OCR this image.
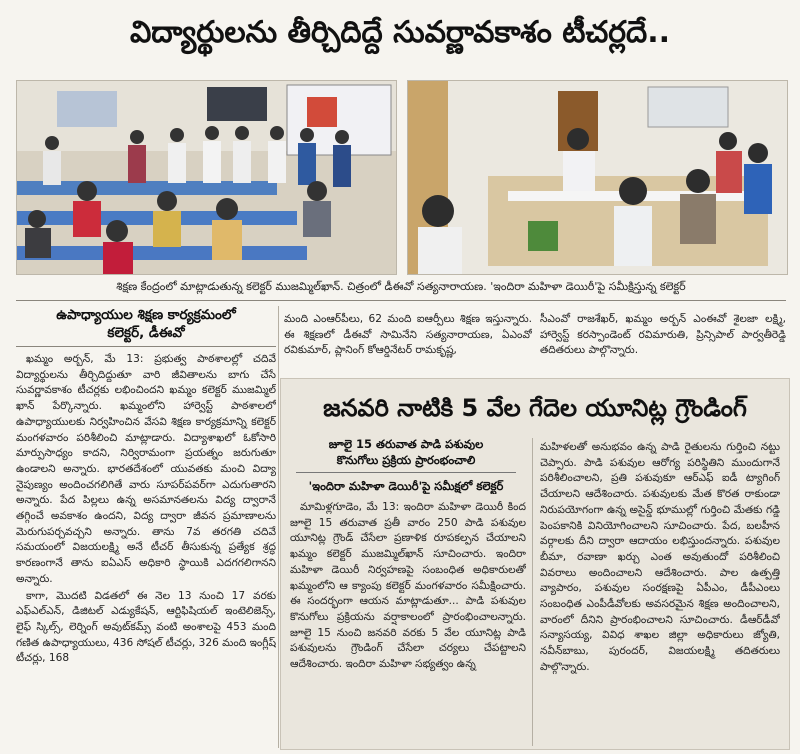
విద్యార్థులను తీర్చిదిద్దే సువర్ణావకాశం టీచర్లదే..
శిక్షణ కేంద్రంలో మాట్లాడుతున్న కలెక్టర్ ముజమ్మిల్‌ఖాన్. చిత్రంలో డీఈవో సత్యనారాయణ. 'ఇందిరా మహిళా డెయిరీ'పై సమీక్షిస్తున్న కలెక్టర్
ఉపాధ్యాయుల శిక్షణ కార్యక్రమంలో
కలెక్టర్, డీఈవో

ఖమ్మం అర్బన్, మే 13: ప్రభుత్వ పాఠశాలల్లో చదివే విద్యార్థులను తీర్చిదిద్దుతూ వారి జీవితాలను బాగు చేసే సువర్ణావకాశం టీచర్లకు లభించిందని ఖమ్మం కలెక్టర్ ముజమ్మిల్ ఖాన్ పేర్కొన్నారు. ఖమ్మంలోని హార్వెస్ట్ పాఠశాలలో ఉపాధ్యాయులకు నిర్వహించిన వేసవి శిక్షణ కార్యక్రమాన్ని కలెక్టర్ మంగళవారం పరిశీలించి మాట్లాడారు. విద్యాశాఖలో ఓకోసారి మార్పుసాధ్యం కాదని, నిర్విరామంగా ప్రయత్నం జరుగుతూ ఉండాలని అన్నారు. భారతదేశంలో యువతకు మంచి విద్యా నైపుణ్యం అందించగలిగితే వారు సూపర్‌పవర్‌గా ఎదుగుతారని అన్నారు. పేద పిల్లలు ఉన్న అసమానతలను విద్య ద్వారానే తగ్గించే అవకాశం ఉందని, విద్య ద్వారా జీవన ప్రమాణాలను మెరుగుపర్చవచ్చని అన్నారు. తాను 7వ తరగతి చదివే సమయంలో విజయలక్ష్మి అనే టీచర్ తీసుకున్న ప్రత్యేక శ్రద్ధ కారణంగానే తాను ఐఏఎస్ అధికారి స్థాయికి ఎదగగలిగానని అన్నారు.

కాగా, మొదటి విడతలో ఈ నెల 13 నుంచి 17 వరకు ఎఫ్ఎల్ఎన్, డిజిటల్ ఎడ్యుకేషన్, ఆర్టిఫిషియల్ ఇంటెలిజెన్స్, లైఫ్ స్కిల్స్, లెర్నింగ్ అవుట్‌కమ్స్ వంటి అంశాలపై 453 మంది గణిత ఉపాధ్యాయులు, 436 సోషల్ టీచర్లు, 326 మంది ఇంగ్లీష్ టీచర్లు, 168

మంది ఎంఆర్‌పీలు, 62 మంది ఐఆర్పీలు శిక్షణ ఇస్తున్నారు. ఈ శిక్షణలో డీఈవో సామినేని సత్యనారాయణ, ఏఎంవో రవికుమార్, ప్లానింగ్ కోఆర్డినేటర్ రామకృష్ణ,

సీఎంవో రాజశేఖర్, ఖమ్మం అర్బన్ ఎంఈవో శైలజా లక్ష్మి, హార్వెస్ట్ కరస్పాండెంట్ రవిమారుతి, ప్రిన్సిపాల్ పార్వతీరెడ్డి తదితరులు పాల్గొన్నారు.

జనవరి నాటికి 5 వేల గేదెల యూనిట్ల గ్రౌండింగ్
జూలై 15 తరువాత పాడి పశువుల
కొనుగోలు ప్రక్రియ ప్రారంభంచాలి
'ఇందిరా మహిళా డెయిరీ'పై సమీక్షలో కలెక్టర్

మామిళ్లగూడెం, మే 13: ఇందిరా మహిళా డెయిరీ కింద జూలై 15 తరువాత ప్రతీ వారం 250 పాడి పశువుల యూనిట్ల గ్రౌండ్ చేసేలా ప్రణాళిక రూపకల్పన చేయాలని ఖమ్మం కలెక్టర్ ముజమ్మిల్‌ఖాన్ సూచించారు. ఇందిరా మహిళా డెయిరీ నిర్వహణపై సంబంధిత అధికారులతో ఖమ్మంలోని ఆ క్యాంపు కలెక్టర్ మంగళవారం సమీక్షించారు. ఈ సందర్భంగా ఆయన మాట్లాడుతూ... పాడి పశువుల కొనుగోలు ప్రక్రియను వర్షాకాలంలో ప్రారంభించాలన్నారు. జూలై 15 నుంచి జనవరి వరకు 5 వేల యూనిట్ల పాడి పశువులను గ్రౌండింగ్ చేసేలా చర్యలు చేపట్టాలని ఆదేశించారు. ఇందిరా మహిళా సభ్యత్వం ఉన్న

మహిళలతో అనుభవం ఉన్న పాడి రైతులను గుర్తించి నట్టు చెప్పారు. పాడి పశువుల ఆరోగ్య పరిస్థితిని ముందుగానే పరిశీలించాలని, ప్రతి పశువుకూ ఆర్‌ఎఫ్ ఐడీ ట్యాగింగ్ చేయాలని ఆదేశించారు. పశువులకు మేత కొరత రాకుండా నిరుపయోగంగా ఉన్న అసైన్డ్ భూముల్లో గుర్తించి మేతకు గడ్డి పెంపకానికి వినియోగించాలని సూచించారు. పేద, బలహీన వర్గాలకు దీని ద్వారా ఆదాయం లభిస్తుందన్నారు. పశువుల బీమా, రవాణా ఖర్చు ఎంత అవుతుందో పరిశీలించి వివరాలు అందించాలని ఆదేశించారు. పాల ఉత్పత్తి వ్యాపారం, పశువుల సంరక్షణపై ఏపీఎం, డీపీఎంలు సంబంధిత ఎంపీడీవోలకు అవసరమైన శిక్షణ అందించాలని, వారంలో దీనిని ప్రారంభించాలని సూచించారు. డీఆర్‌డీవో సన్యాసయ్య, వివిధ శాఖల జిల్లా అధికారులు జ్యోతి, నవీన్‌బాబు, పురందర్, విజయలక్ష్మి తదితరులు పాల్గొన్నారు.
